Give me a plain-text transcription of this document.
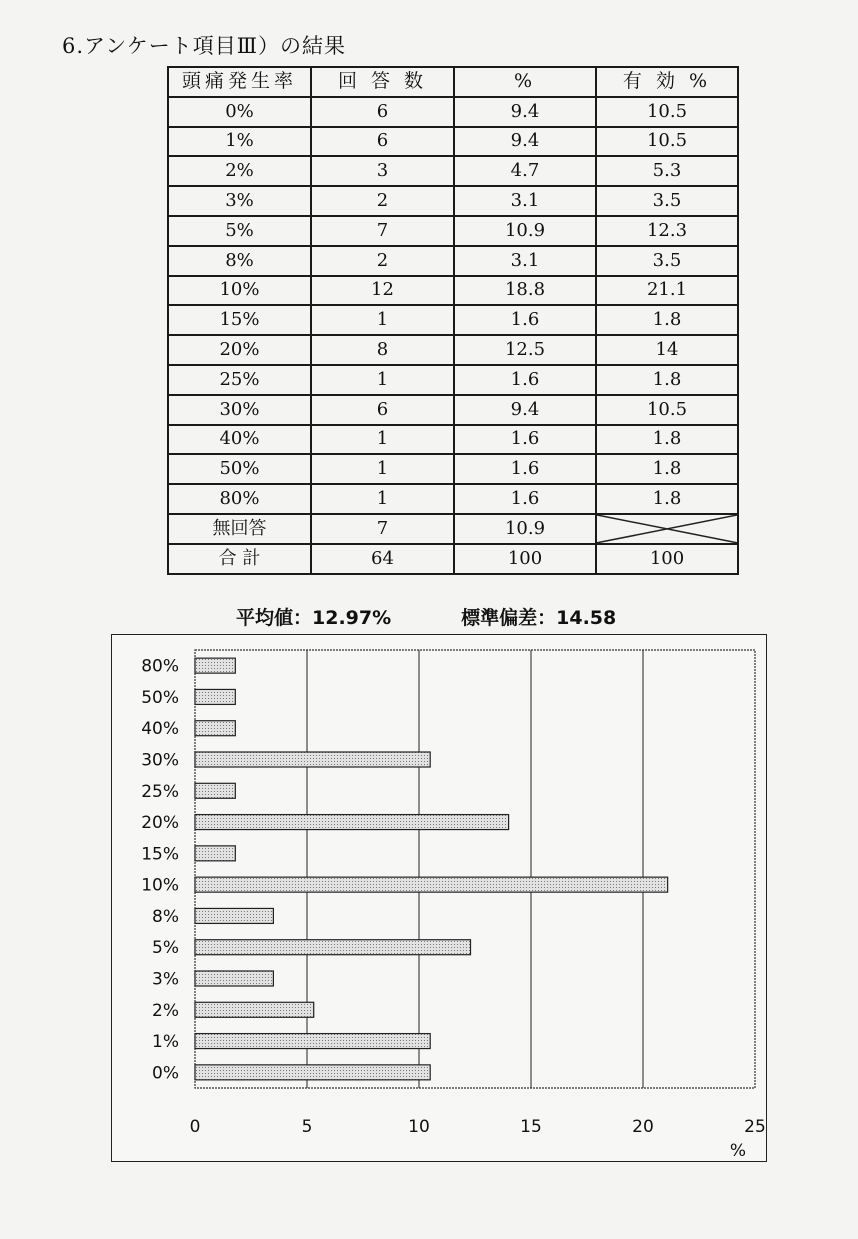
6.アンケート項目Ⅲ）の結果
頭痛発生率	回 答 数	%	有 効 %
0%	6	9.4	10.5
1%	6	9.4	10.5
2%	3	4.7	5.3
3%	2	3.1	3.5
5%	7	10.9	12.3
8%	2	3.1	3.5
10%	12	18.8	21.1
15%	1	1.6	1.8
20%	8	12.5	14
25%	1	1.6	1.8
30%	6	9.4	10.5
40%	1	1.6	1.8
50%	1	1.6	1.8
80%	1	1.6	1.8
無回答	7	10.9	

合 計	64	100	100
平均値：12.97%	標準偏差：14.58
0	5	10	15	20	25
%
80%
50%
40%
30%
25%
20%
15%
10%
8%
5%
3%
2%
1%
0%
